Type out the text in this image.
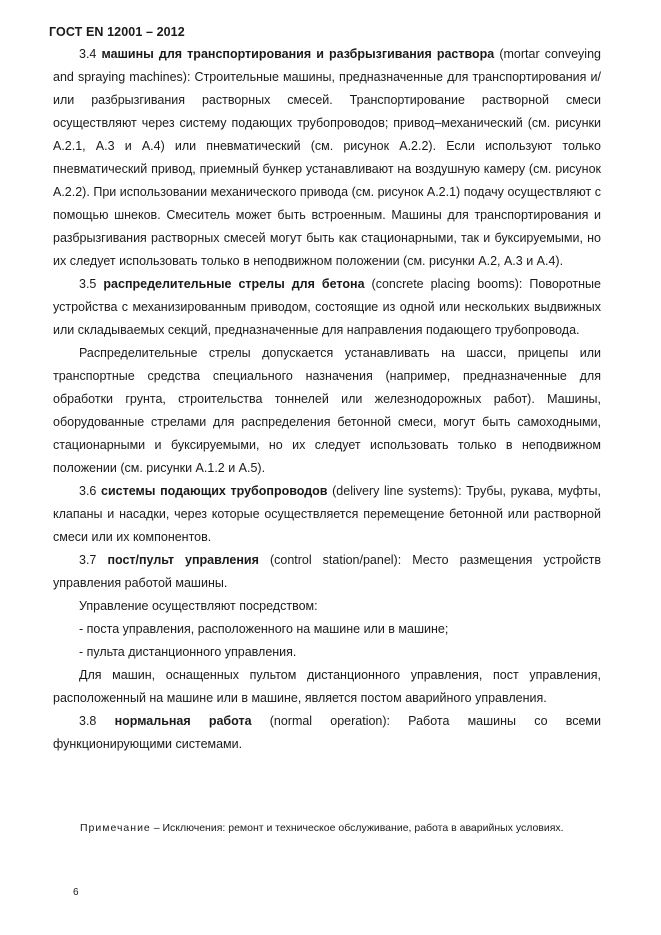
ГОСТ EN 12001 – 2012

3.4 машины для транспортирования и разбрызгивания раствора (mortar conveying and spraying machines): Строительные машины, предназначенные для транспортирования и/или разбрызгивания растворных смесей. Транспортирование растворной смеси осуществляют через систему подающих трубопроводов; привод–механический (см. рисунки А.2.1, А.3 и А.4) или пневматический (см. рисунок А.2.2). Если используют только пневматический привод, приемный бункер устанавливают на воздушную камеру (см. рисунок А.2.2). При использовании механического привода (см. рисунок А.2.1) подачу осуществляют с помощью шнеков. Смеситель может быть встроенным. Машины для транспортирования и разбрызгивания растворных смесей могут быть как стационарными, так и буксируемыми, но их следует использовать только в неподвижном положении (см. рисунки А.2, А.3 и А.4).

3.5 распределительные стрелы для бетона (concrete placing booms): Поворотные устройства с механизированным приводом, состоящие из одной или нескольких выдвижных или складываемых секций, предназначенные для направления подающего трубопровода.

Распределительные стрелы допускается устанавливать на шасси, прицепы или транспортные средства специального назначения (например, предназначенные для обработки грунта, строительства тоннелей или железнодорожных работ). Машины, оборудованные стрелами для распределения бетонной смеси, могут быть самоходными, стационарными и буксируемыми, но их следует использовать только в неподвижном положении (см. рисунки А.1.2 и А.5).

3.6 системы подающих трубопроводов (delivery line systems): Трубы, рукава, муфты, клапаны и насадки, через которые осуществляется перемещение бетонной или растворной смеси или их компонентов.

3.7 пост/пульт управления (control station/panel): Место размещения устройств управления работой машины.

Управление осуществляют посредством:

- поста управления, расположенного на машине или в машине;
- пульта дистанционного управления.

Для машин, оснащенных пультом дистанционного управления, пост управления, расположенный на машине или в машине, является постом аварийного управления.

3.8 нормальная работа (normal operation): Работа машины со всеми функционирующими системами.

Примечание – Исключения: ремонт и техническое обслуживание, работа в аварийных условиях.
6
